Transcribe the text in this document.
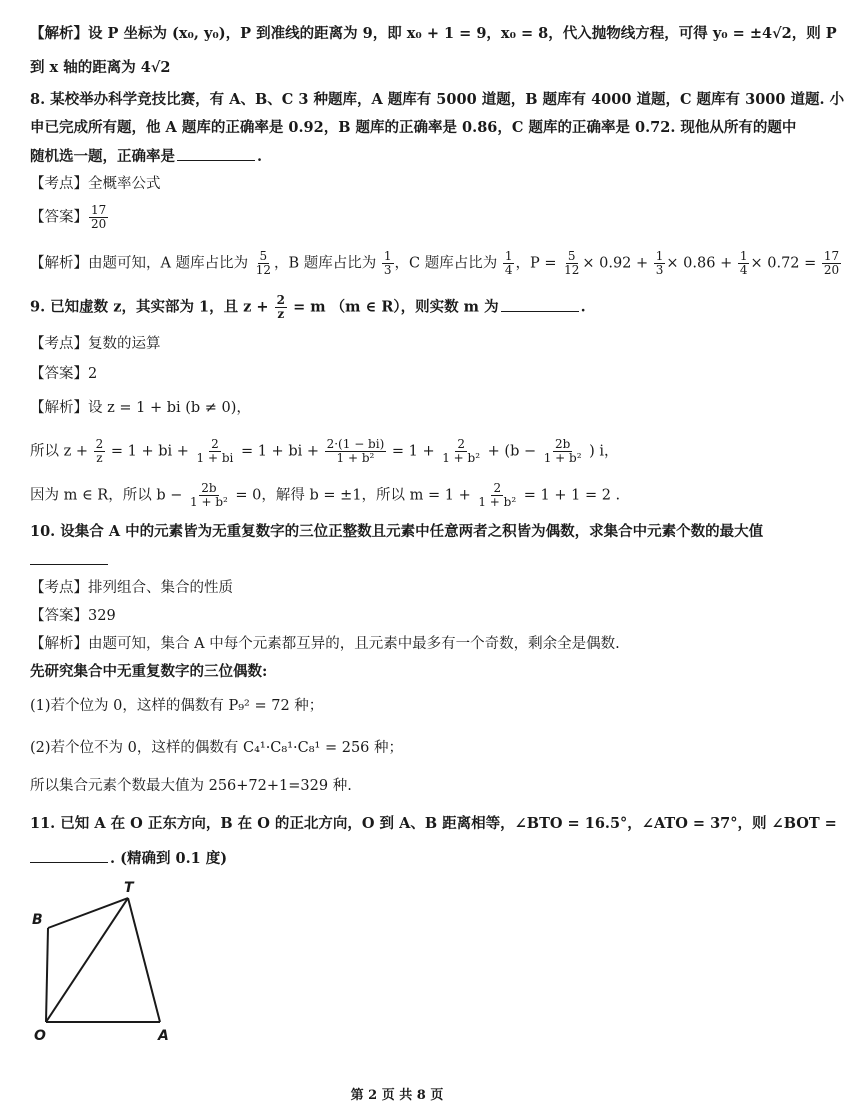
【解析】设 P 坐标为 (x₀, y₀)，P 到准线的距离为 9，即 x₀ + 1 = 9，x₀ = 8，代入抛物线方程，可得 y₀ = ±4√2，则 P
到 x 轴的距离为 4√2
8. 某校举办科学竞技比赛，有 A、B、C 3 种题库，A 题库有 5000 道题，B 题库有 4000 道题，C 题库有 3000 道题. 小
申已完成所有题，他 A 题库的正确率是 0.92，B 题库的正确率是 0.86，C 题库的正确率是 0.72. 现他从所有的题中
随机选一题，正确率是	.
【考点】全概率公式
【答案】 $\frac{17}{20}$
【解析】由题可知，A 题库占比为 $\frac{5}{12}$ ，B 题库占比为 $\frac{1}{3}$ ，C 题库占比为 $\frac{1}{4}$ ，$P = \frac{5}{12} \times 0.92 + \frac{1}{3} \times 0.86 + \frac{1}{4} \times 0.72 = \frac{17}{20}$
9. 已知虚数 z，其实部为 1，且 $z + \frac{2}{z} = m$ （m ∈ R），则实数 m 为	.
【考点】复数的运算
【答案】2
【解析】设 z = 1 + bi (b ≠ 0)，
所以 $z + \frac{2}{z} = 1$ + bi + $\frac{2}{1 + bi} = 1$ + bi + $\frac{2\cdot(1 - bi)}{\text{1 + b²}} = 1 + \frac{2}{\text{1 + b²}} + (b - \frac{2b}{\text{1 + b²}}$ ) i，
因为 m ∈ R，所以 $b - \frac{2b}{\text{1 + b²}} = 0$，解得 b = ±1，所以 $m = 1 + \frac{2}{\text{1 + b²}} = 1 + 1 = 2$ .
10. 设集合 A 中的元素皆为无重复数字的三位正整数且元素中任意两者之积皆为偶数，求集合中元素个数的最大值
【考点】排列组合、集合的性质
【答案】329
【解析】由题可知，集合 A 中每个元素都互异的，且元素中最多有一个奇数，剩余全是偶数.
先研究集合中无重复数字的三位偶数:
(1)若个位为 0，这样的偶数有 P₉² = 72 种；
(2)若个位不为 0，这样的偶数有 C₄¹·C₈¹·C₈¹ = 256 种；
所以集合元素个数最大值为 256+72+1=329 种.
11. 已知 A 在 O 正东方向，B 在 O 的正北方向，O 到 A、B 距离相等，∠BTO = 16.5°，∠ATO = 37°，则 ∠BOT =
. (精确到 0.1 度)
T
B
O	A
第 2 页 共 8 页
